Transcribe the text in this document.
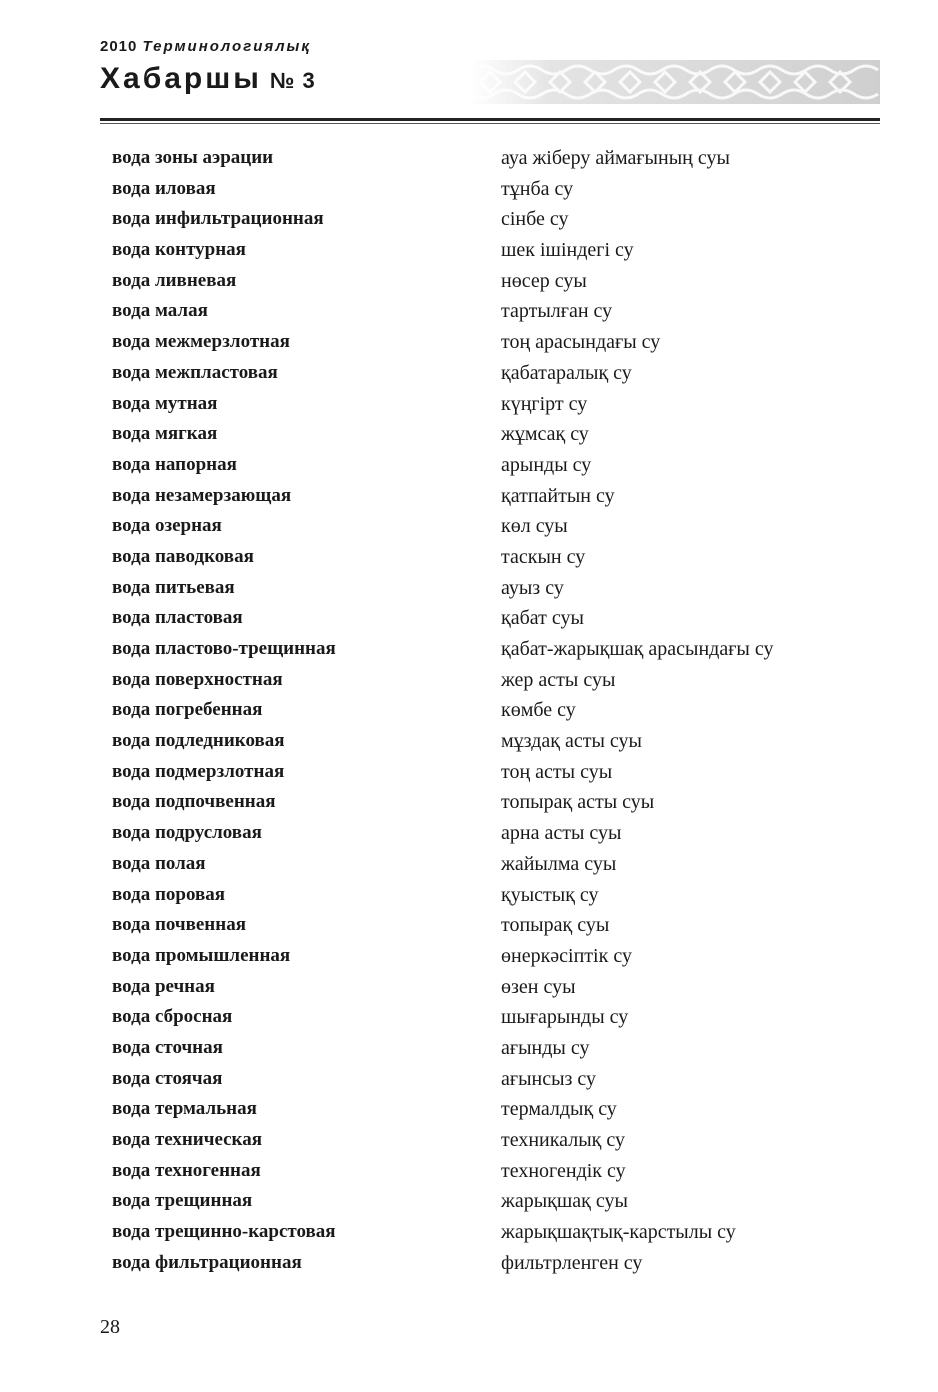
2010 Терминологиялық
Хабаршы № 3
вода зоны аэрации	ауа жіберу аймағының суы
вода иловая	тұнба су
вода инфильтрационная	сінбе су
вода контурная	шек ішіндегі су
вода ливневая	нөсер суы
вода малая	тартылған су
вода межмерзлотная	тоң арасындағы су
вода межпластовая	қабатаралық су
вода мутная	күңгірт су
вода мягкая	жұмсақ су
вода напорная	арынды су
вода незамерзающая	қатпайтын су
вода озерная	көл суы
вода паводковая	таскын су
вода питьевая	ауыз су
вода пластовая	қабат суы
вода пластово-трещинная	қабат-жарықшақ арасындағы су
вода поверхностная	жер асты суы
вода погребенная	көмбе су
вода подледниковая	мұздақ асты суы
вода подмерзлотная	тоң асты суы
вода подпочвенная	топырақ асты суы
вода подрусловая	арна асты суы
вода полая	жайылма суы
вода поровая	қуыстық су
вода почвенная	топырақ суы
вода промышленная	өнеркәсіптік су
вода речная	өзен суы
вода сбросная	шығарынды су
вода сточная	ағынды су
вода стоячая	ағынсыз су
вода термальная	термалдық су
вода техническая	техникалық су
вода техногенная	техногендік су
вода трещинная	жарықшақ суы
вода трещинно-карстовая	жарықшақтық-карстылы су
вода фильтрационная	фильтрленген су
28
